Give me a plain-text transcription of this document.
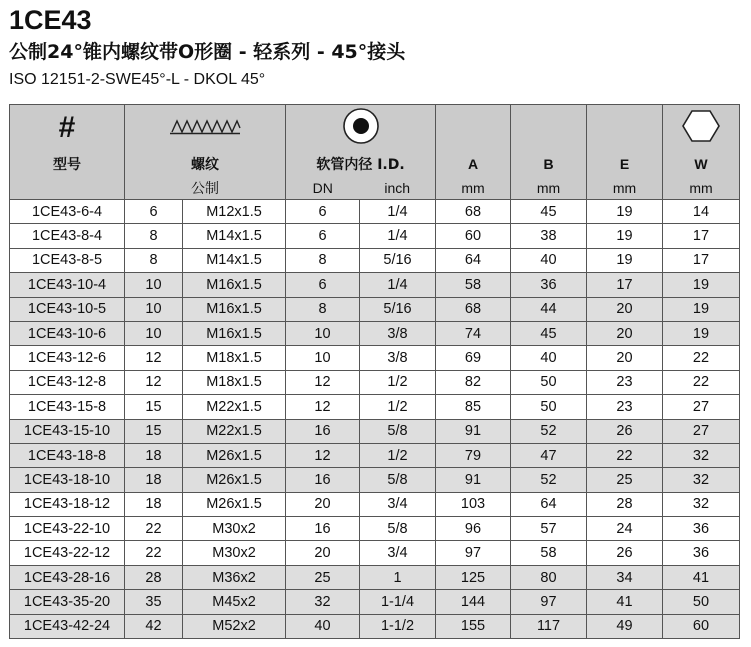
1CE43
公制24°锥内螺纹带O形圈 - 轻系列 - 45°接头
ISO 12151-2-SWE45°-L - DKOL 45°
#						
型号	螺纹		软管内径 I.D.		A	B	E	W
	公制		DN	inch	mm	mm	mm	mm
1CE43-6-4	6	M12x1.5	6	1/4	68	45	19	14
1CE43-8-4	8	M14x1.5	6	1/4	60	38	19	17
1CE43-8-5	8	M14x1.5	8	5/16	64	40	19	17
1CE43-10-4	10	M16x1.5	6	1/4	58	36	17	19
1CE43-10-5	10	M16x1.5	8	5/16	68	44	20	19
1CE43-10-6	10	M16x1.5	10	3/8	74	45	20	19
1CE43-12-6	12	M18x1.5	10	3/8	69	40	20	22
1CE43-12-8	12	M18x1.5	12	1/2	82	50	23	22
1CE43-15-8	15	M22x1.5	12	1/2	85	50	23	27
1CE43-15-10	15	M22x1.5	16	5/8	91	52	26	27
1CE43-18-8	18	M26x1.5	12	1/2	79	47	22	32
1CE43-18-10	18	M26x1.5	16	5/8	91	52	25	32
1CE43-18-12	18	M26x1.5	20	3/4	103	64	28	32
1CE43-22-10	22	M30x2	16	5/8	96	57	24	36
1CE43-22-12	22	M30x2	20	3/4	97	58	26	36
1CE43-28-16	28	M36x2	25	1	125	80	34	41
1CE43-35-20	35	M45x2	32	1-1/4	144	97	41	50
1CE43-42-24	42	M52x2	40	1-1/2	155	117	49	60
